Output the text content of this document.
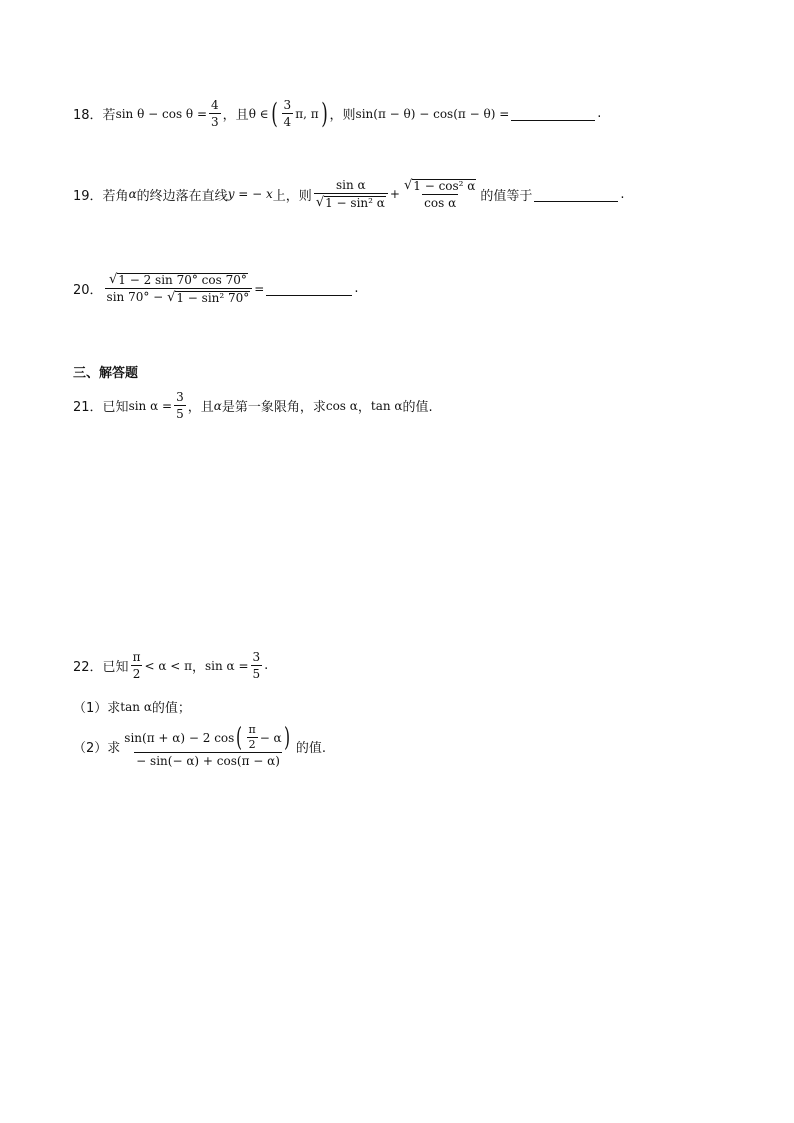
18． 若 $\sin \theta - \cos \theta = \frac{4}{3}$ ，且 θ ∈ ( $\frac{3}{4} \pi$, π ) ，则 sin(π − θ) − cos(π − θ) =	.
19． 若角 α 的终边落在直线 y = − x 上，则 $\frac{\text{sin α}}{\text{√ 1 − sin² α}} + \frac{\text{√ 1 − cos² α}}{\text{cos α}}$ 的值等于	.
20． $\frac{√ 1 - 2 \sin 70^\circ \cos 70^\circ}{\text{sin 70° − √ 1 − sin² 70°}}$ =	.
三、解答题
21． 已知 $\sin \alpha = \frac{3}{5}$ ，且 α 是第一象限角，求 cos α ， tan α 的值.
22． 已知 $\frac{\pi}{2} < \alpha < \pi$ ， $\sin \alpha = \frac{3}{5}$ .
（1） 求 tan α 的值；
（2） 求
sin(π + α) − 2 cos ( $\frac{\pi}{2} - \alpha$ )
− sin(− α) + cos(π − α)
的值.
